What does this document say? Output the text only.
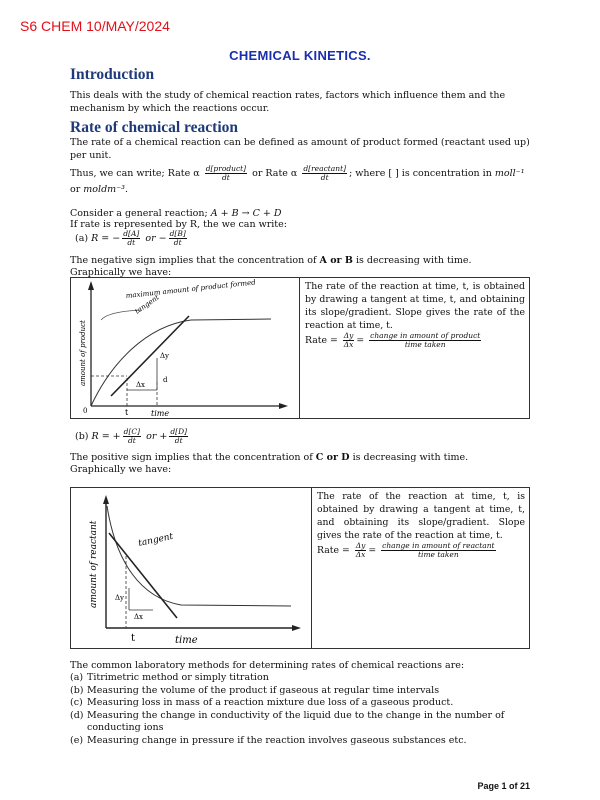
S6 CHEM 10/MAY/2024
CHEMICAL KINETICS.
Introduction
This deals with the study of chemical reaction rates, factors which influence them and the mechanism by which the reactions occur.
Rate of chemical reaction
The rate of a chemical reaction can be defined as amount of product formed (reactant used up) per unit.
Thus, we can write; Rate α $\frac{\text{d[product]}}{dt}$ or Rate α $\frac{\text{d[reactant]}}{dt}$ ; where [ ] is concentration in moll⁻¹ or moldm⁻³.
Consider a general reaction; A + B → C + D
If rate is represented by R, the we can write:
(a) R = − $\frac{d[A]}{dt}$ or − $\frac{d[B]}{dt}$
The negative sign implies that the concentration of A or B is decreasing with time.
Graphically we have:
maximum amount of product formed
tangent
Δy
Δx
d
amount of product
t	time
0
The rate of the reaction at time, t, is obtained by drawing a tangent at time, t, and obtaining its slope/gradient. Slope gives the rate of the reaction at time, t.
Rate = $\frac{\Delta y}{\Delta x} = \frac{\text{change in amount of product}}{\text{time taken}}$
(b) R = + $\frac{d[C]}{dt}$ or + $\frac{d[D]}{dt}$
The positive sign implies that the concentration of C or D is decreasing with time.
Graphically we have:
tangent
Δy
Δx
amount of reactant
t	time
The rate of the reaction at time, t, is obtained by drawing a tangent at time, t, and obtaining its slope/gradient. Slope gives the rate of the reaction at time, t.
Rate = $\frac{\Delta y}{\Delta x} = \frac{\text{change in amount of reactant}}{\text{time taken}}$
The common laboratory methods for determining rates of chemical reactions are:
(a) Titrimetric method or simply titration
(b) Measuring the volume of the product if gaseous at regular time intervals
(c) Measuring loss in mass of a reaction mixture due loss of a gaseous product.
(d) Measuring the change in conductivity of the liquid due to the change in the number of conducting ions
(e) Measuring change in pressure if the reaction involves gaseous substances etc.
Page 1 of 21
